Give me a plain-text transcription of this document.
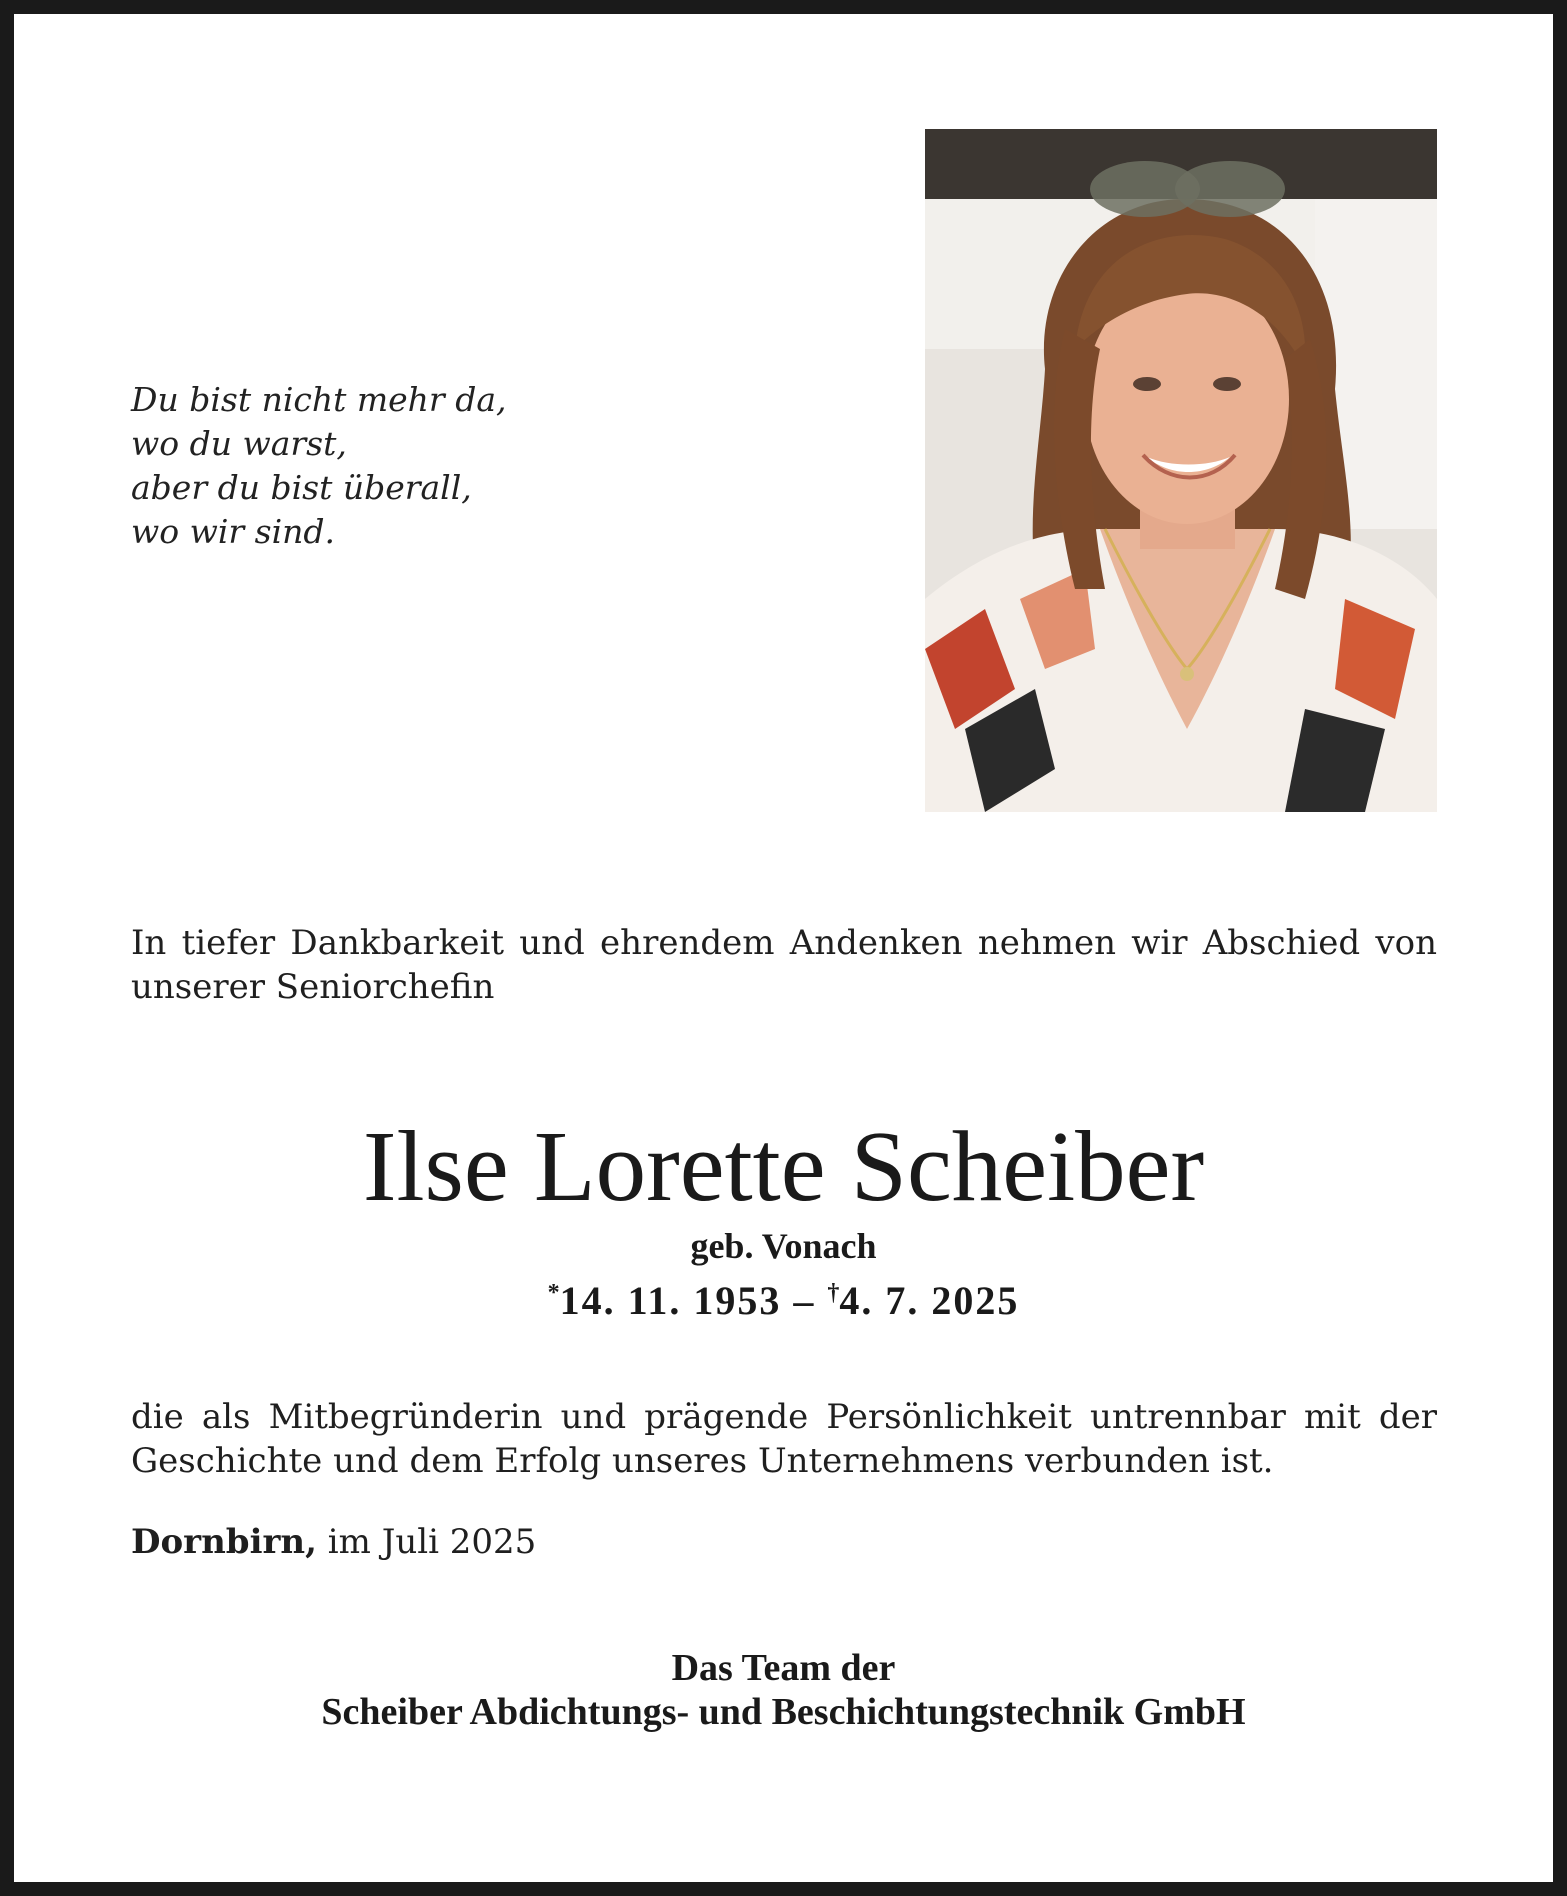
Du bist nicht mehr da,
wo du warst,
aber du bist überall,
wo wir sind.
In tiefer Dankbarkeit und ehrendem Andenken nehmen wir Abschied von unserer Seniorchefin
Ilse Lorette Scheiber
geb. Vonach
*14. 11. 1953 – †4. 7. 2025
die als Mitbegründerin und prägende Persönlichkeit untrennbar mit der Geschichte und dem Erfolg unseres Unternehmens verbunden ist.
Dornbirn, im Juli 2025
Das Team der
Scheiber Abdichtungs- und Beschichtungstechnik GmbH
